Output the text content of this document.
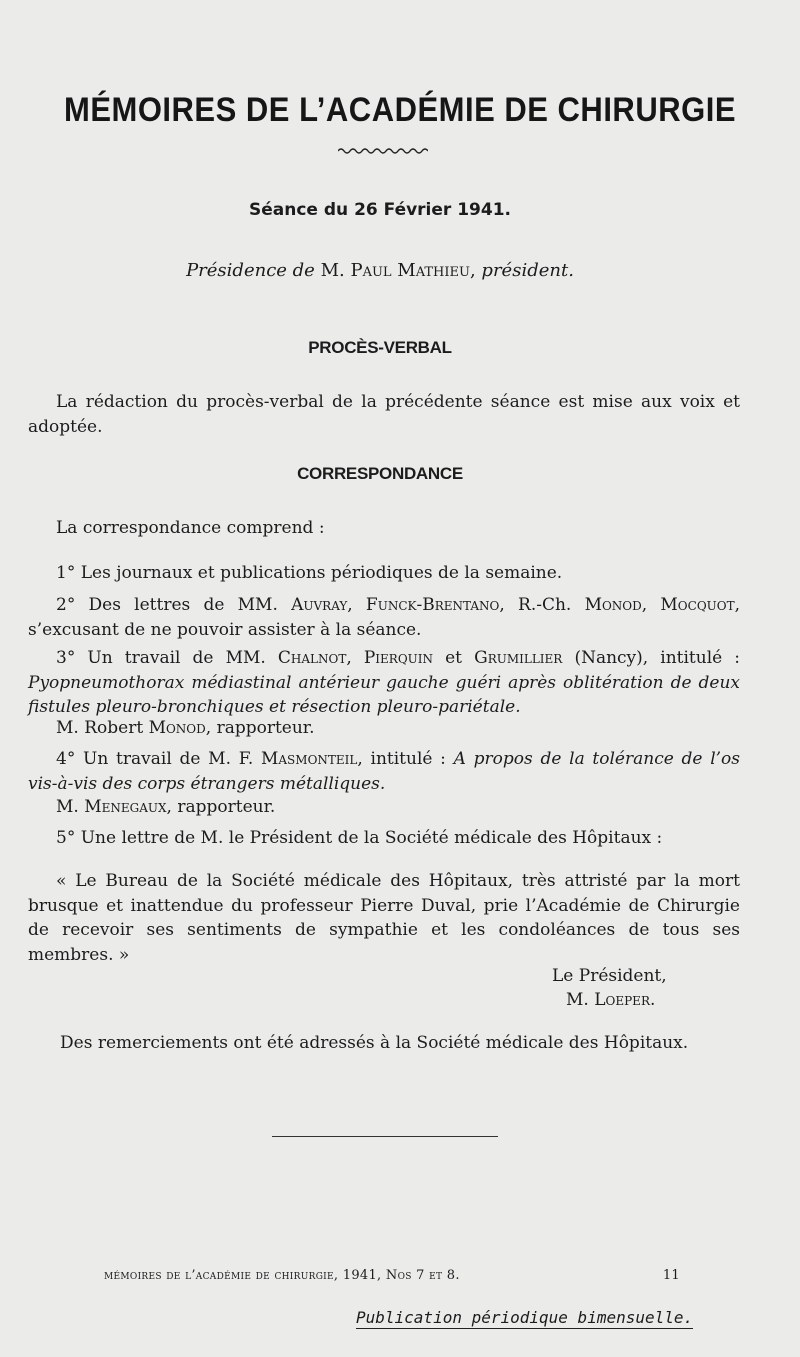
MÉMOIRES DE L’ACADÉMIE DE CHIRURGIE
Séance du 26 Février 1941.
Présidence de M. Paul Mathieu, président.
PROCÈS-VERBAL
La rédaction du procès-verbal de la précédente séance est mise aux voix et adoptée.
CORRESPONDANCE
La correspondance comprend :
1° Les journaux et publications périodiques de la semaine.
2° Des lettres de MM. Auvray, Funck-Brentano, R.-Ch. Monod, Mocquot, s’excusant de ne pouvoir assister à la séance.
3° Un travail de MM. Chalnot, Pierquin et Grumillier (Nancy), intitulé : Pyopneumothorax médiastinal antérieur gauche guéri après oblitération de deux fistules pleuro-bronchiques et résection pleuro-pariétale.
M. Robert Monod, rapporteur.
4° Un travail de M. F. Masmonteil, intitulé : A propos de la tolérance de l’os vis-à-vis des corps étrangers métalliques.
M. Menegaux, rapporteur.
5° Une lettre de M. le Président de la Société médicale des Hôpitaux :
« Le Bureau de la Société médicale des Hôpitaux, très attristé par la mort brusque et inattendue du professeur Pierre Duval, prie l’Académie de Chirurgie de recevoir ses sentiments de sympathie et les condoléances de tous ses membres. »
Le Président,
M. Loeper.
Des remerciements ont été adressés à la Société médicale des Hôpitaux.
mémoires de l’académie de chirurgie, 1941, Nos 7 et 8.	11
Publication périodique bimensuelle.
